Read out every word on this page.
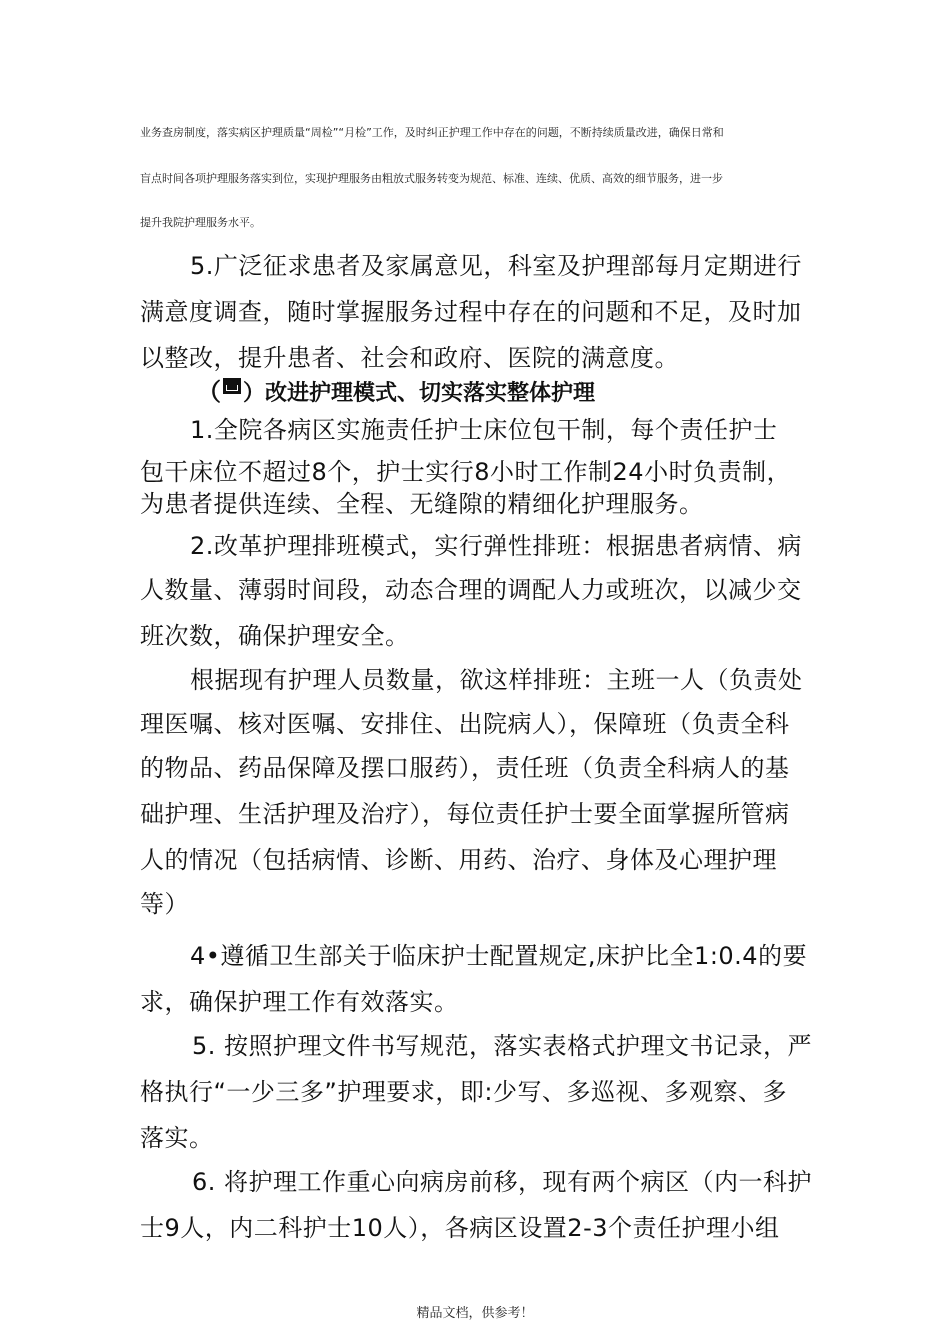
业务查房制度，落实病区护理质量“周检”“月检”工作，及时纠正护理工作中存在的问题，不断持续质量改进，确保日常和
盲点时间各项护理服务落实到位，实现护理服务由粗放式服务转变为规范、标准、连续、优质、高效的细节服务，进一步
提升我院护理服务水平。
5.广泛征求患者及家属意见，科室及护理部每月定期进行
满意度调查，随时掌握服务过程中存在的问题和不足，及时加
以整改，提升患者、社会和政府、医院的满意度。
（ ）改进护理模式、切实落实整体护理
1.全院各病区实施责任护士床位包干制，每个责任护士
包干床位不超过8个，护士实行8小时工作制24小时负责制，
为患者提供连续、全程、无缝隙的精细化护理服务。
2.改革护理排班模式，实行弹性排班：根据患者病情、病
人数量、薄弱时间段，动态合理的调配人力或班次，以减少交
班次数，确保护理安全。
根据现有护理人员数量，欲这样排班：主班一人（负责处
理医嘱、核对医嘱、安排住、出院病人），保障班（负责全科
的物品、药品保障及摆口服药），责任班（负责全科病人的基
础护理、生活护理及治疗），每位责任护士要全面掌握所管病
人的情况（包括病情、诊断、用药、治疗、身体及心理护理
等）
4•遵循卫生部关于临床护士配置规定,床护比全1:0.4的要
求，确保护理工作有效落实。
5. 按照护理文件书写规范，落实表格式护理文书记录，严
格执行“一少三多”护理要求，即:少写、多巡视、多观察、多
落实。
6. 将护理工作重心向病房前移，现有两个病区（内一科护
士9人，内二科护士10人），各病区设置2-3个责任护理小组
精品文档，供参考！
